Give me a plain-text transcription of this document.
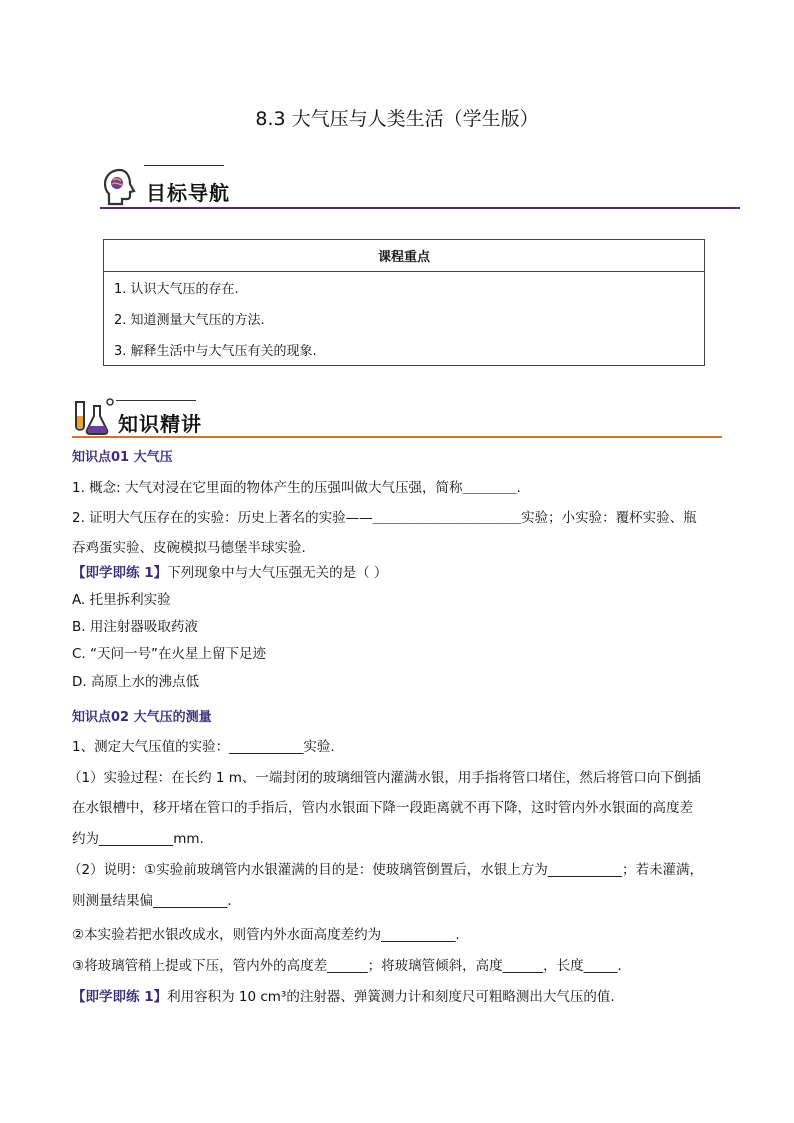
8.3 大气压与人类生活（学生版）
目标导航
课程重点
1. 认识大气压的存在.
2. 知道测量大气压的方法.
3. 解释生活中与大气压有关的现象.
知识精讲
知识点01 大气压
1. 概念: 大气对浸在它里面的物体产生的压强叫做大气压强，简称＿＿＿＿.
2. 证明大气压存在的实验：历史上著名的实验——＿＿＿＿＿＿＿＿＿＿＿实验；小实验：覆杯实验、瓶
吞鸡蛋实验、皮碗模拟马德堡半球实验.
【即学即练 1】下列现象中与大气压强无关的是（ ）
A. 托里拆利实验
B. 用注射器吸取药液
C. “天问一号”在火星上留下足迹
D. 高原上水的沸点低
知识点02 大气压的测量
1、测定大气压值的实验：___________实验.
（1）实验过程：在长约 1 m、一端封闭的玻璃细管内灌满水银，用手指将管口堵住，然后将管口向下倒插
在水银槽中，移开堵在管口的手指后，管内水银面下降一段距离就不再下降，这时管内外水银面的高度差
约为___________mm.
（2）说明：①实验前玻璃管内水银灌满的目的是：使玻璃管倒置后，水银上方为___________；若未灌满，
则测量结果偏___________.
②本实验若把水银改成水，则管内外水面高度差约为___________.
③将玻璃管稍上提或下压，管内外的高度差______；将玻璃管倾斜，高度______，长度_____.
【即学即练 1】利用容积为 10 cm³的注射器、弹簧测力计和刻度尺可粗略测出大气压的值.
